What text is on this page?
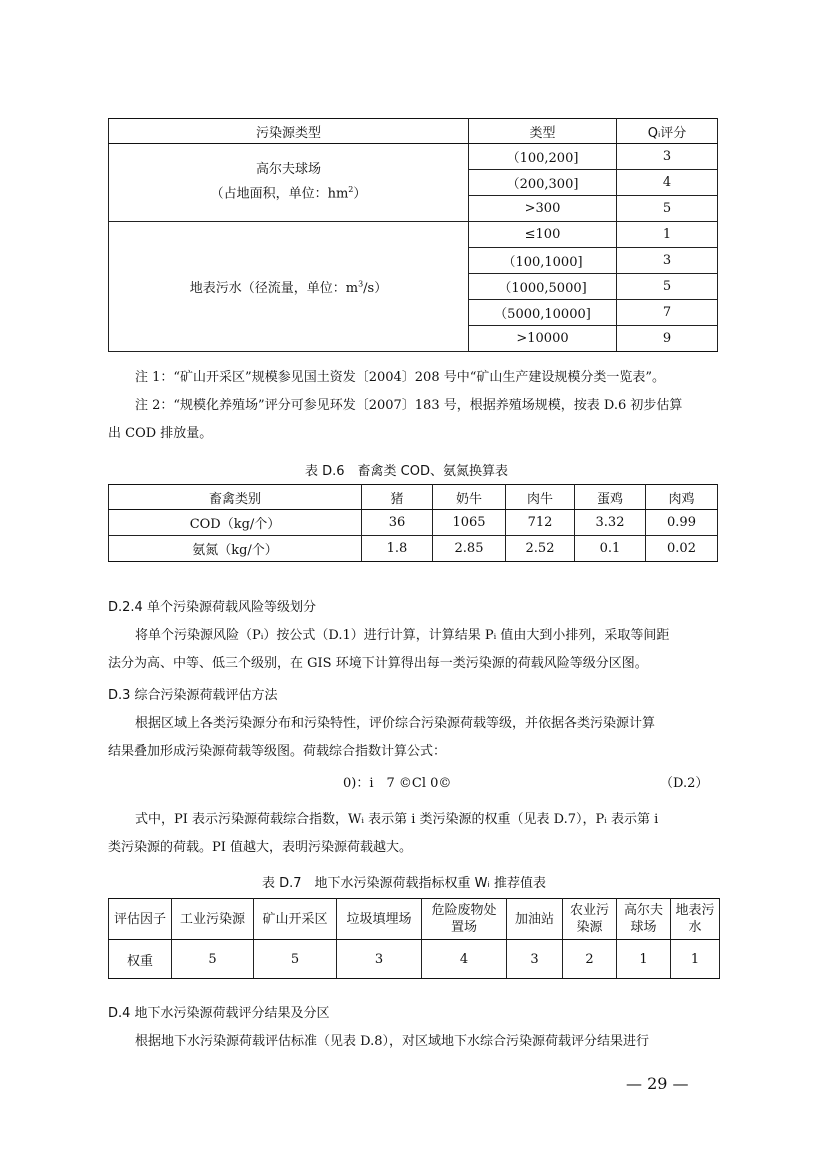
污染源类型	类型	Qᵢ评分

高尔夫球场
（占地面积，单位：$hm^2$）	（100,200]	3
	（200,300]	4
	>300	5
地表污水（径流量，单位：$m^3/s$）	≤100	1
	（100,1000]	3
	（1000,5000]	5
	（5000,10000]	7
	>10000	9
注 1：“矿山开采区”规模参见国土资发〔2004〕208 号中“矿山生产建设规模分类一览表”。
注 2：“规模化养殖场”评分可参见环发〔2007〕183 号，根据养殖场规模，按表 D.6 初步估算
出 COD 排放量。
表 D.6　畜禽类 COD、氨氮换算表
畜禽类别	猪	奶牛	肉牛	蛋鸡	肉鸡
COD（kg/个）	36	1065	712	3.32	0.99
氨氮（kg/个）	1.8	2.85	2.52	0.1	0.02
D.2.4 单个污染源荷载风险等级划分
将单个污染源风险（Pᵢ）按公式（D.1）进行计算，计算结果 Pᵢ 值由大到小排列，采取等间距
法分为高、中等、低三个级别，在 GIS 环境下计算得出每一类污染源的荷载风险等级分区图。
D.3 综合污染源荷载评估方法
根据区域上各类污染源分布和污染特性，评价综合污染源荷载等级，并依据各类污染源计算
结果叠加形成污染源荷载等级图。荷载综合指数计算公式：
0)：i　7 ©Cl 0©	（D.2）
式中，PI 表示污染源荷载综合指数，Wᵢ 表示第 i 类污染源的权重（见表 D.7），Pᵢ 表示第 i
类污染源的荷载。PI 值越大，表明污染源荷载越大。
表 D.7　地下水污染源荷载指标权重 Wᵢ 推荐值表
评估因子	工业污染源	矿山开采区	垃圾填埋场	危险废物处置场	加油站	农业污染源	高尔夫球场	地表污水
权重	5	5	3	4	3	2	1	1
D.4 地下水污染源荷载评分结果及分区
根据地下水污染源荷载评估标准（见表 D.8），对区域地下水综合污染源荷载评分结果进行
— 29 —
